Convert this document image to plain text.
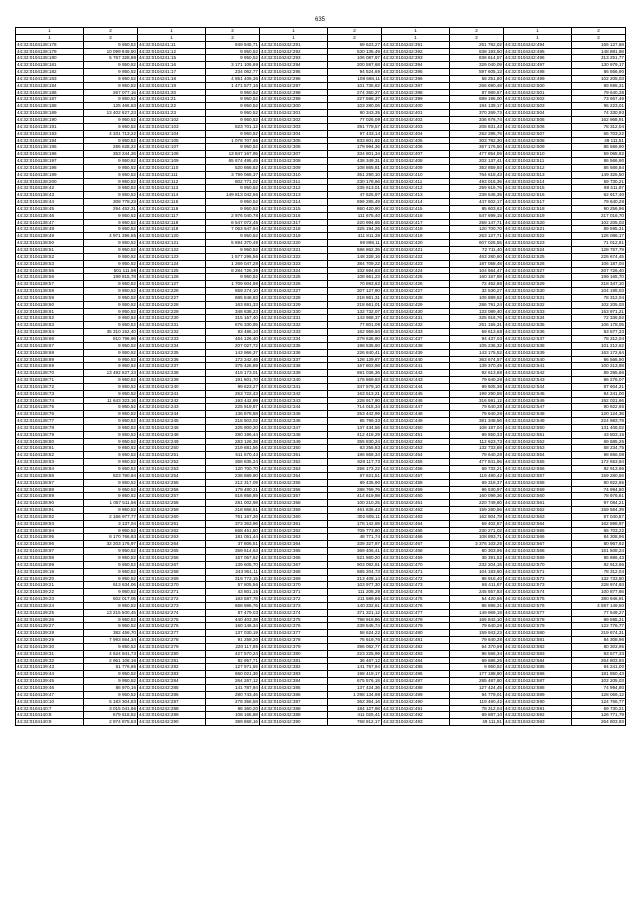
635
1	2	1	2	1	2	1	2	1	2
1	2	1	2	1	2	1	2	1	2
44:32:0104138:178	9 950,52	44:32:0104241:11	949 945,71	44:32:0104242:291	69 623,27	44:32:0104242:391	251 782,02	44:32:0104242:494	165 127,68
44:32:0104138:179	10 099 849,50	44:32:0104241:12	9 950,52	44:32:0104242:292	530 135,49	44:32:0104242:392	638 193,50	44:32:0104242:495	148 881,98
44:32:0104138:180	5 767 328,88	44:32:0104241:15	9 950,52	44:32:0104242:293	106 087,97	44:32:0104242:393	836 614,57	44:32:0104242:496	313 251,77
44:32:0104138:181	9 950,52	44:32:0104241:16	3 171 106,69	44:32:0104242:294	200 597,68	44:32:0104242:394	329 040,09	44:32:0104242:497	130 979,17
44:32:0104138:182	9 950,52	44:32:0104241:17	234 062,77	44:32:0104242:295	94 524,69	44:32:0104242:395	597 605,13	44:32:0104242:498	86 566,90
44:32:0104138:183	9 950,52	44:32:0104241:18	4 851 406,36	44:32:0104242:296	108 668,11	44:32:0104242:396	58 251,80	44:32:0104242:499	102 205,03
44:32:0104138:184	9 950,52	44:32:0104241:19	1 471 577,16	44:32:0104242:297	101 735,82	44:32:0104242:397	266 690,48	44:32:0104242:500	89 595,31
44:32:0104138:186	267 077,16	44:32:0104241:20	9 950,52	44:32:0104242:298	274 350,27	44:32:0104242:398	87 980,67	44:32:0104242:501	79 640,28
44:32:0104138:187	9 950,52	44:32:0104241:21	9 950,52	44:32:0104242:299	227 586,37	44:32:0104242:399	689 196,00	44:32:0104242:502	73 667,46
44:32:0104138:188	125 466,53	44:32:0104241:22	9 950,52	44:32:0104242:300	103 280,06	44:32:0104242:400	194 139,17	44:32:0104242:503	96 223,01
44:32:0104138:189	13 402 627,23	44:32:0104241:23	9 950,52	44:32:0104242:301	90 343,35	44:32:0104242:401	370 269,73	44:32:0104242:504	74 330,93
44:32:0104138:190	9 950,52	44:32:0104242:102	9 950,52	44:32:0104242:302	77 026,09	44:32:0104242:402	336 676,74	44:32:0104242:505	162 968,91
44:32:0104138:191	9 950,52	44:32:0104242:103	823 701,12	44:32:0104242:303	391 778,57	44:32:0104242:403	208 831,43	44:32:0104242:506	78 312,04
44:32:0104138:193	4 331 713,22	44:32:0104242:104	9 950,52	44:32:0104242:304	97 433,14	44:32:0104242:404	252 295,76	44:32:0104242:507	65 703,22
44:32:0104138:194	9 950,52	44:32:0104242:105	1 078 707,66	44:32:0104242:305	833 801,92	44:32:0104242:405	303 782,30	44:32:0104242:508	49 111,51
44:32:0104138:195	286 628,22	44:32:0104242:107	9 950,52	44:32:0104242:306	179 994,36	44:32:0104242:406	367 176,50	44:32:0104242:509	86 566,90
44:32:0104138:196	353 244,26	44:32:0104242:108	13 847 167,95	44:32:0104242:307	334 801,34	44:32:0104242:407	477 854,59	44:32:0104242:510	59 065,82
44:32:0104138:197	9 950,52	44:32:0104242:109	65 674 495,45	44:32:0104242:308	438 349,31	44:32:0104242:408	202 137,41	44:32:0104242:511	86 566,90
44:32:0104138:198	9 950,52	44:32:0104242:110	520 866,52	44:32:0104242:309	108 865,81	44:32:0104242:409	353 859,93	44:32:0104242:512	86 566,84
44:32:0104138:199	9 950,52	44:32:0104242:111	3 799 066,37	44:32:0104242:310	351 290,10	44:32:0104242:410	764 618,43	44:32:0104242:513	149 325,50
44:32:0104138:200	9 950,52	44:32:0104242:112	802 771,02	44:32:0104242:311	230 178,66	44:32:0104242:411	493 016,36	44:32:0104242:514	59 730,21
44:32:0104138:42	9 950,52	44:32:0104242:113	9 950,52	44:32:0104242:312	235 613,01	44:32:0104242:412	259 616,76	44:32:0104242:515	98 411,87
44:32:0104138:43	9 950,52	44:32:0104242:114	149 813 042,56	44:32:0104242:313	47 625,97	44:32:0104242:413	239 546,35	44:32:0104242:516	62 917,40
44:32:0104138:44	308 778,23	44:32:0104242:115	9 950,52	44:32:0104242:314	696 285,49	44:32:0104242:414	447 602,17	44:32:0104242:517	79 640,28
44:32:0104138:45	294 452,31	44:32:0104242:116	9 950,52	44:32:0104242:315	860 420,90	44:32:0104242:415	85 603,82	44:32:0104242:518	90 256,96
44:32:0104138:46	9 950,52	44:32:0104242:117	2 976 040,78	44:32:0104242:316	111 675,40	44:32:0104242:416	547 699,15	44:32:0104242:519	217 016,70
44:32:0104138:47	9 950,52	44:32:0104242:118	8 547 072,45	44:32:0104242:317	220 994,65	44:32:0104242:417	259 147,71	44:32:0104242:520	102 205,03
44:32:0104138:48	9 950,52	44:32:0104242:119	7 063 647,94	44:32:0104242:318	325 194,26	44:32:0104242:418	120 700,70	44:32:0104242:521	89 595,31
44:32:0104138:49	4 971 296,55	44:32:0104242:120	9 950,52	44:32:0104242:319	411 811,38	44:32:0104242:419	263 127,71	44:32:0104242:522	126 088,17
44:32:0104138:50	9 950,52	44:32:0104242:121	5 894 370,49	44:32:0104242:320	98 898,11	44:32:0104242:420	607 025,55	44:32:0104242:523	71 012,91
44:32:0104138:51	9 950,52	44:32:0104242:122	9 950,52	44:32:0104242:321	586 862,35	44:32:0104242:421	72 711,40	44:32:0104242:524	128 757,79
44:32:0104138:52	9 950,52	44:32:0104242:123	1 577 296,56	44:32:0104242:322	148 328,16	44:32:0104242:422	463 280,60	44:32:0104242:525	225 674,45
44:32:0104138:53	9 950,52	44:32:0104242:124	1 269 047,28	44:32:0104242:323	384 709,22	44:32:0104242:423	187 058,48	44:32:0104242:526	106 187,04
44:32:0104138:55	501 111,98	44:32:0104242:125	8 284 726,39	44:32:0104242:324	332 594,83	44:32:0104242:424	104 564,47	44:32:0104242:527	207 726,40
44:32:0104138:56	199 815,78	44:32:0104242:126	9 950,52	44:32:0104242:325	108 661,23	44:32:0104242:425	160 157,98	44:32:0104242:528	199 165,70
44:32:0104138:57	9 950,52	44:32:0104242:127	1 709 604,98	44:32:0104242:326	70 893,62	44:32:0104242:426	72 462,86	44:32:0104242:529	218 347,10
44:32:0104138:58	9 950,52	44:32:0104242:226	659 274,10	44:32:0104242:327	307 127,90	44:32:0104242:427	32 530,27	44:32:0104242:530	104 195,03
44:32:0104138:59	9 950,52	44:32:0104242:227	685 546,83	44:32:0104242:328	218 861,31	44:32:0104242:428	105 889,52	44:32:0104242:531	78 312,04
44:32:0104138:60	9 950,52	44:32:0104242:228	163 691,33	44:32:0104242:329	218 661,01	44:32:0104242:429	286 791,24	44:32:0104242:532	102 205,03
44:32:0104138:61	9 950,52	44:32:0104242:229	348 638,23	44:32:0104242:330	132 732,07	44:32:0104242:430	133 089,40	44:32:0104242:533	153 971,21
44:32:0104138:62	9 950,52	44:32:0104242:230	315 157,40	44:32:0104242:331	143 968,37	44:32:0104242:431	325 916,76	44:32:0104242:534	72 336,92
44:32:0104138:63	9 950,52	44:32:0104242:231	676 330,95	44:32:0104242:332	77 801,09	44:32:0104242:432	251 156,31	44:32:0104242:535	106 178,05
44:32:0104138:64	35 310 152,40	44:32:0104242:232	93 486,10	44:32:0104242:333	162 959,94	44:32:0104242:433	59 613,68	44:32:0104242:536	93 577,33
44:32:0104138:66	810 796,96	44:32:0104242:233	464 126,40	44:32:0104242:334	279 636,90	44:32:0104242:437	94 437,03	44:32:0104242:537	78 312,04
44:32:0104138:67	9 950,52	44:32:0104242:234	207 027,72	44:32:0104242:335	198 535,60	44:32:0104242:438	105 236,32	44:32:0104242:538	101 212,62
44:32:0104138:68	9 950,52	44:32:0104242:235	143 966,37	44:32:0104242:336	226 840,41	44:32:0104242:439	143 175,52	44:32:0104242:539	163 172,64
44:32:0104138:69	9 950,52	44:32:0104242:236	172 242,46	44:32:0104242:337	126 129,67	44:32:0104242:440	363 674,57	44:32:0104242:540	86 566,90
44:32:0104138:69	9 950,52	44:32:0104242:237	375 426,89	44:32:0104242:338	167 802,98	44:32:0104242:441	139 370,49	44:32:0104242:541	100 213,98
44:32:0104138:70	13 492 627,23	44:32:0104242:238	419 173,01	44:32:0104242:339	691 036,36	44:32:0104242:442	92 613,88	44:32:0104242:542	89 295,66
44:32:0104138:71	9 950,52	44:32:0104242:239	191 801,70	44:32:0104242:340	176 869,93	44:32:0104242:443	79 640,28	44:32:0104242:543	86 276,07
44:32:0104138:72	9 950,52	44:32:0104242:240	99 623,27	44:32:0104242:341	347 579,10	44:32:0104242:444	99 505,36	44:32:0104242:544	87 604,31
44:32:0104138:73	9 950,52	44:32:0104242:241	253 722,43	44:32:0104242:342	163 513,21	44:32:0104242:445	199 290,58	44:32:0104242:545	94 241,00
44:32:0104138:74	11 643 323,16	44:32:0104242:242	193 442,99	44:32:0104242:343	228 917,90	44:32:0104242:446	316 591,12	44:32:0104242:546	192 021,66
44:32:0104138:75	9 950,52	44:32:0104242:243	225 919,87	44:32:0104242:344	714 015,34	44:32:0104242:447	79 640,28	44:32:0104242:547	90 922,65
44:32:0104138:76	9 950,52	44:32:0104242:244	136 878,58	44:32:0104242:345	253 442,99	44:32:0104242:448	79 640,28	44:32:0104242:548	120 124,36
44:32:0104138:77	9 950,52	44:32:0104242:245	218 503,02	44:32:0104242:346	85 799,33	44:32:0104242:449	381 348,56	44:32:0104242:549	224 983,79
44:32:0104138:78	9 950,52	44:32:0104242:246	225 900,20	44:32:0104242:347	137 434,56	44:32:0104242:450	108 187,04	44:32:0104242:550	131 406,02
44:32:0104138:79	9 950,52	44:32:0104242:248	280 196,44	44:32:0104242:348	412 418,29	44:32:0104242:451	99 550,33	44:32:0104242:551	43 803,15
44:32:0104138:80	9 950,52	44:32:0104242:249	283 126,38	44:32:0104242:349	355 830,24	44:32:0104242:452	112 623,73	44:32:0104242:552	69 685,25
44:32:0104138:81	9 950,52	44:32:0104242:250	219 681,56	44:32:0104242:350	63 255,83	44:32:0104242:453	132 733,88	44:32:0104242:553	68 234,75
44:32:0104138:82	9 950,52	44:32:0104242:251	511 670,43	44:32:0104242:351	186 868,34	44:32:0104242:454	79 640,28	44:32:0104242:554	98 866,08
44:32:0104138:83	9 950,52	44:32:0104242:252	368 835,24	44:32:0104242:352	628 117,73	44:32:0104242:455	477 841,66	44:32:0104242:555	172 653,94
44:32:0104138:84	9 950,52	44:32:0104242:253	120 700,70	44:32:0104242:353	256 173,22	44:32:0104242:456	69 732,21	44:32:0104242:556	92 913,66
44:32:0104138:86	823 780,94	44:32:0104242:254	238 889,90	44:32:0104242:354	67 621,51	44:32:0104242:457	119 480,42	44:32:0104242:557	159 280,56
44:32:0104138:87	9 950,52	44:32:0104242:255	212 317,09	44:32:0104242:355	89 435,90	44:32:0104242:458	69 318,37	44:32:0104242:558	90 922,65
44:32:0104138:88	9 950,52	44:32:0104242:256	179 480,21	44:32:0104242:356	288 769,76	44:32:0104242:459	96 530,97	44:32:0104242:559	74 994,80
44:32:0104138:89	9 950,52	44:32:0104242:257	516 858,89	44:32:0104242:357	414 619,98	44:32:0104242:460	160 099,36	44:32:0104242:560	78 976,81
44:32:0104138:90	1 057 511,56	44:32:0104242:258	281 002,98	44:32:0104242:358	100 210,25	44:32:0104242:461	220 749,80	44:32:0104242:561	97 084,21
44:32:0104138:91	9 950,52	44:32:0104242:259	218 866,51	44:32:0104242:359	461 635,43	44:32:0104242:462	159 280,56	44:32:0104242:562	159 564,39
44:32:0104138:92	2 166 977,77	44:32:0104242:260	761 167,26	44:32:0104242:360	302 605,11	44:32:0104242:463	162 904,78	44:32:0104242:563	67 040,87
44:32:0104138:93	3 137,04	44:32:0104242:261	373 363,96	44:32:0104242:361	178 142,89	44:32:0104242:464	59 402,87	44:32:0104242:564	162 898,97
44:32:0104138:94	9 950,52	44:32:0104242:262	568 451,50	44:32:0104242:362	709 773,80	44:32:0104242:465	230 271,02	44:32:0104242:565	65 703,22
44:32:0104138:95	8 170 766,83	44:32:0104242:263	181 051,44	44:32:0104242:363	48 771,74	44:32:0104242:466	108 893,71	44:32:0104242:566	84 308,96
44:32:0104138:96	32 203 176,97	44:32:0104242:264	37 806,51	44:32:0104242:364	339 327,97	44:32:0104242:467	3 376 103,25	44:32:0104242:567	80 967,62
44:32:0104138:97	9 950,52	44:32:0104242:265	359 614,63	44:32:0104242:365	369 406,41	44:32:0104242:468	80 303,95	44:32:0104242:568	161 508,24
44:32:0104138:98	9 950,52	44:32:0104242:266	167 057,62	44:32:0104242:366	621 860,20	44:32:0104242:469	36 391,52	44:32:0104242:569	95 886,43
44:32:0104138:99	9 950,52	44:32:0104242:267	139 605,70	44:32:0104242:367	903 092,81	44:32:0104242:470	232 204,15	44:32:0104242:570	92 913,66
44:32:0104139:19	9 950,52	44:32:0104242:268	243 951,11	44:32:0104242:368	685 204,73	44:32:0104242:471	104 183,60	44:32:0104242:571	78 312,04
44:32:0104139:20	9 950,52	44:32:0104242:269	319 772,15	44:32:0104242:369	213 408,14	44:32:0104242:472	86 916,40	44:32:0104242:572	132 733,80
44:32:0104139:21	913 634,06	44:32:0104242:270	57 805,56	44:32:0104242:370	103 977,30	44:32:0104242:473	86 411,87	44:32:0104242:573	228 974,93
44:32:0104139:22	9 950,52	44:32:0104242:271	43 801,15	44:32:0104242:371	111 208,29	44:32:0104242:474	245 557,83	44:32:0104242:574	100 877,66
44:32:0104139:23	502 017,05	44:32:0104242:272	183 587,78	44:32:0104242:372	211 589,86	44:32:0104242:475	54 420,86	44:32:0104242:575	380 946,91
44:32:0104139:24	9 950,52	44:32:0104242:273	668 996,76	44:32:0104242:373	140 332,61	44:32:0104242:476	86 896,31	44:32:0104242:576	4 597 149,50
44:32:0104139:25	13 215 500,45	44:32:0104242:274	87 479,03	44:32:0104242:374	371 321,12	44:32:0104242:477	149 969,19	44:32:0104242:577	77 649,27
44:32:0104139:26	9 950,52	44:32:0104242:275	440 403,38	44:32:0104242:375	798 916,86	44:32:0104242:478	165 842,10	44:32:0104242:578	89 595,31
44:32:0104139:27	9 950,52	44:32:0104242:276	160 146,34	44:32:0104242:376	239 545,74	44:32:0104242:479	79 640,28	44:32:0104242:579	122 776,77
44:32:0104139:28	382 456,70	44:32:0104242:277	137 030,19	44:32:0104242:377	58 624,22	44:32:0104242:480	159 943,23	44:32:0104242:580	219 674,31
44:32:0104139:29	7 993 564,34	44:32:0104242:278	91 258,20	44:32:0104242:378	75 619,76	44:32:0104242:481	79 640,28	44:32:0104242:581	84 308,96
44:32:0104139:30	9 950,52	44:32:0104242:279	220 117,85	44:32:0104242:379	396 062,77	44:32:0104242:482	64 370,69	44:32:0104242:582	80 303,95
44:32:0104139:31	4 624 941,73	44:32:0104242:280	427 570,24	44:32:0104242:380	223 225,99	44:32:0104242:483	96 556,34	44:32:0104242:583	93 577,33
44:32:0104139:32	2 961 106,16	44:32:0104242:281	82 957,71	44:32:0104242:381	36 467,12	44:32:0104242:484	69 685,25	44:32:0104242:584	264 803,93
44:32:0104139:43	61 776,65	44:32:0104242:282	127 971,65	44:32:0104242:382	141 787,94	44:32:0104242:485	9 950,52	44:32:0104242:585	94 241,00
44:32:0104139:44	9 950,52	44:32:0104242:283	660 021,36	44:32:0104242:383	198 419,17	44:32:0104242:486	177 188,90	44:32:0104242:586	181 850,43
44:32:0104139:45	9 950,52	44:32:0104242:284	264 267,12	44:32:0104242:384	675 576,18	44:32:0104242:487	285 487,80	44:32:0104242:587	102 205,03
44:32:0104139:46	86 970,16	44:32:0104242:285	141 787,94	44:32:0104242:385	137 424,36	44:32:0104242:488	127 424,45	44:32:0104242:588	74 994,80
44:32:0104139:47	9 950,52	44:32:0104242:286	280 743,46	44:32:0104242:386	1 298 134,98	44:32:0104242:489	94 779,01	44:32:0104242:589	128 069,12
44:32:0104140:10	5 183 304,83	44:32:0104242:287	278 356,58	44:32:0104242:387	362 354,16	44:32:0104242:490	119 460,42	44:32:0104242:590	124 766,77
44:32:0104140:7	3 015 041,66	44:32:0104242:288	98 360,20	44:32:0104242:388	184 127,98	44:32:0104242:491	78 312,04	44:32:0104242:591	59 730,21
44:32:0104140:8	679 518,52	44:32:0104242:289	108 165,88	44:32:0104242:389	411 025,41	44:32:0104242:492	69 687,10	44:32:0104242:592	126 771,79
44:32:0104140:9	2 974 875,53	44:32:0104242:290	389 868,16	44:32:0104242:390	768 812,17	44:32:0104242:493	49 111,51	44:32:0104242:593	264 803,93
